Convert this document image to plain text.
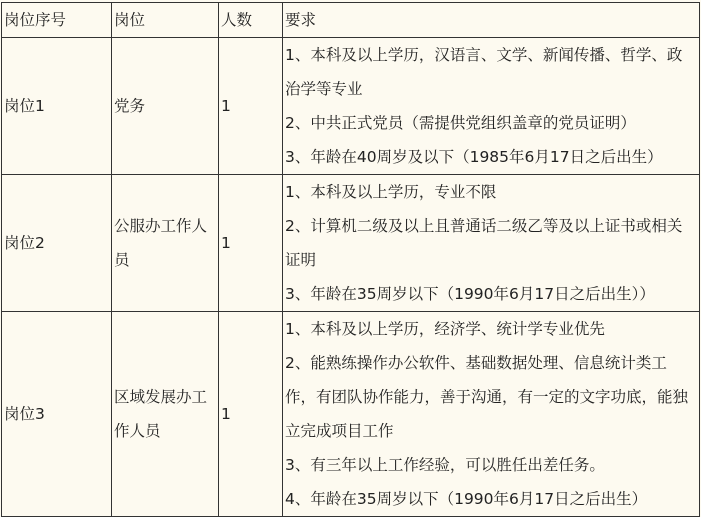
岗位序号	岗位	人数	要求
岗位1	党务	1	1、本科及以上学历，汉语言、文学、新闻传播、哲学、政治学等专业
2、中共正式党员（需提供党组织盖章的党员证明）
3、年龄在40周岁及以下（1985年6月17日之后出生）

岗位2	公服办工作人员	1	1、本科及以上学历，专业不限
2、计算机二级及以上且普通话二级乙等及以上证书或相关证明
3、年龄在35周岁以下（1990年6月17日之后出生））

岗位3	区域发展办工作人员	1	1、本科及以上学历，经济学、统计学专业优先
2、能熟练操作办公软件、基础数据处理、信息统计类工作，有团队协作能力，善于沟通，有一定的文字功底，能独立完成项目工作
3、有三年以上工作经验，可以胜任出差任务。
4、年龄在35周岁以下（1990年6月17日之后出生）
